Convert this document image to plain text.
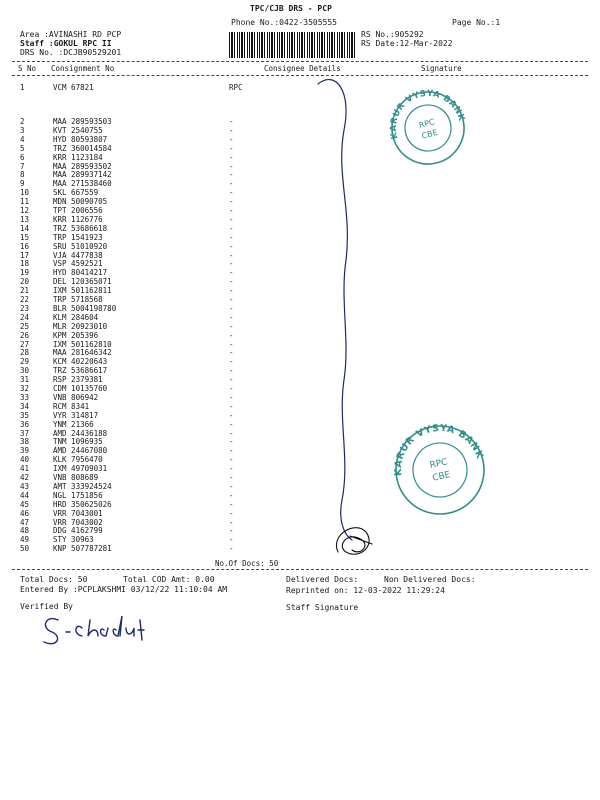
TPC/CJB DRS - PCP
Phone No.:0422-3505555	Page No.:1
Area :AVINASHI RD PCP
Staff :GOKUL RPC II
DRS No. :DCJB90529201
RS No.:905292
RS Date:12-Mar-2022
S No Consignment No	Consignee Details	Signature
1	VCM 67821	RPC
2	MAA 289593503	-
3	KVT 2540755	-
4	HYD 80593807	-
5	TRZ 360014584	-
6	KRR 1123184	-
7	MAA 289593502	-
8	MAA 289937142	-
9	MAA 271538460	-
10	SKL 667559	-
11	MDN 50090705	-
12	TPT 2006556	-
13	KRR 1126776	-
14	TRZ 53686618	-
15	TRP 1541923	-
16	SRU 51010920	-
17	VJA 4477838	-
18	VSP 4592521	-
19	HYD 80414217	-
20	DEL 120365071	-
21	IXM 501162811	-
22	TRP 5718568	-
23	BLR 5004198780	-
24	KLM 284604	-
25	MLR 20923010	-
26	KPM 205396	-
27	IXM 501162810	-
28	MAA 281646342	-
29	KCM 40220643	-
30	TRZ 53686617	-
31	RSP 2379381	-
32	CDM 10135760	-
33	VNB 806942	-
34	RCM 8341	-
35	VYR 314817	-
36	YNM 21366	-
37	AMD 24436188	-
38	TNM 1096935	-
39	AMD 24467080	-
40	KLK 7956470	-
41	IXM 49709031	-
42	VNB 808689	-
43	AMT 333924524	-
44	NGL 1751856	-
45	HRD 350625026	-
46	VRR 7043001	-
47	VRR 7043002	-
48	DDG 4162799	-
49	STY 30963	-
50	KNP 507787281	-
No.Of Docs: 50
Total Docs: 50	Total COD Amt: 0.00	Delivered Docs:	Non Delivered Docs:
Entered By :PCPLAKSHMI 03/12/22 11:10:04 AM	Reprinted on: 12-03-2022 11:29:24
Verified By	Staff Signature
KARUR VYSYA BANK
RPC
CBE
KARUR VYSYA BANK
RPC
CBE
